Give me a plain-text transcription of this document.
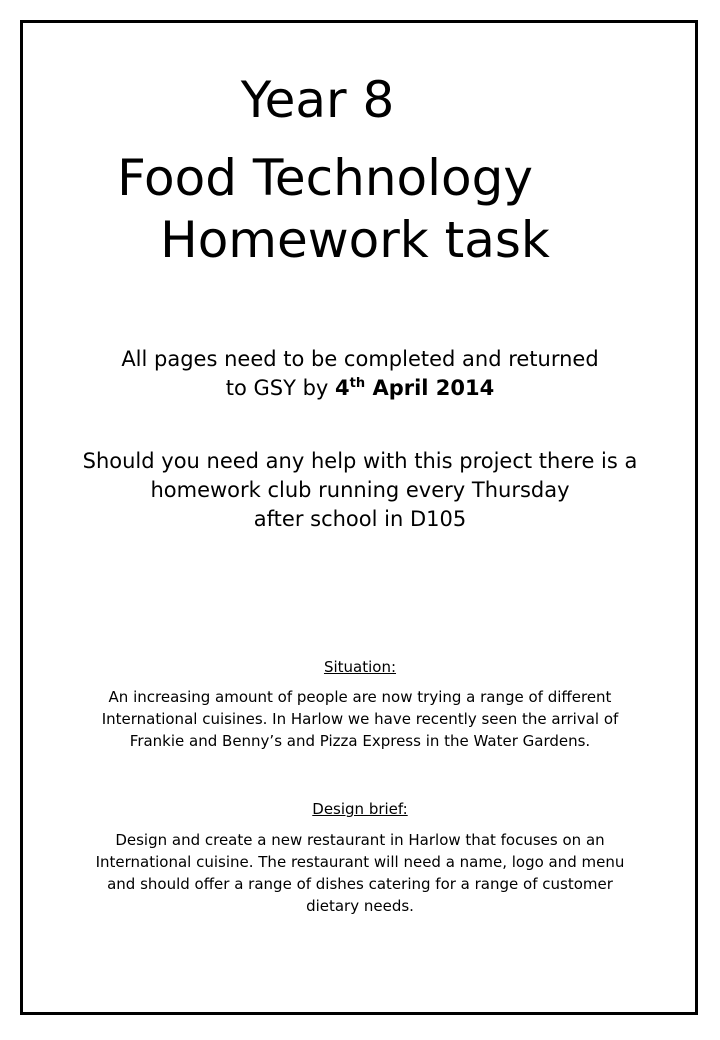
Year 8
Food Technology
Homework task
All pages need to be completed and returned
to GSY by 4th April 2014
Should you need any help with this project there is a
homework club running every Thursday
after school in D105
Situation:
An increasing amount of people are now trying a range of different
International cuisines. In Harlow we have recently seen the arrival of
Frankie and Benny’s and Pizza Express in the Water Gardens.
Design brief:
Design and create a new restaurant in Harlow that focuses on an
International cuisine. The restaurant will need a name, logo and menu
and should offer a range of dishes catering for a range of customer
dietary needs.
